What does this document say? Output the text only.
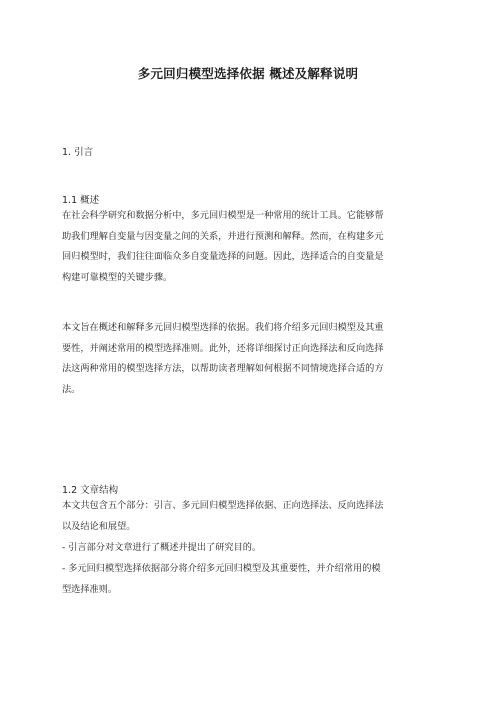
多元回归模型选择依据 概述及解释说明
1. 引言
1.1 概述
在社会科学研究和数据分析中，多元回归模型是一种常用的统计工具。它能够帮
助我们理解自变量与因变量之间的关系，并进行预测和解释。然而，在构建多元
回归模型时，我们往往面临众多自变量选择的问题。因此，选择适合的自变量是
构建可靠模型的关键步骤。
本文旨在概述和解释多元回归模型选择的依据。我们将介绍多元回归模型及其重
要性，并阐述常用的模型选择准则。此外，还将详细探讨正向选择法和反向选择
法这两种常用的模型选择方法，以帮助读者理解如何根据不同情境选择合适的方
法。
1.2 文章结构
本文共包含五个部分：引言、多元回归模型选择依据、正向选择法、反向选择法
以及结论和展望。
- 引言部分对文章进行了概述并提出了研究目的。
- 多元回归模型选择依据部分将介绍多元回归模型及其重要性，并介绍常用的模
型选择准则。
